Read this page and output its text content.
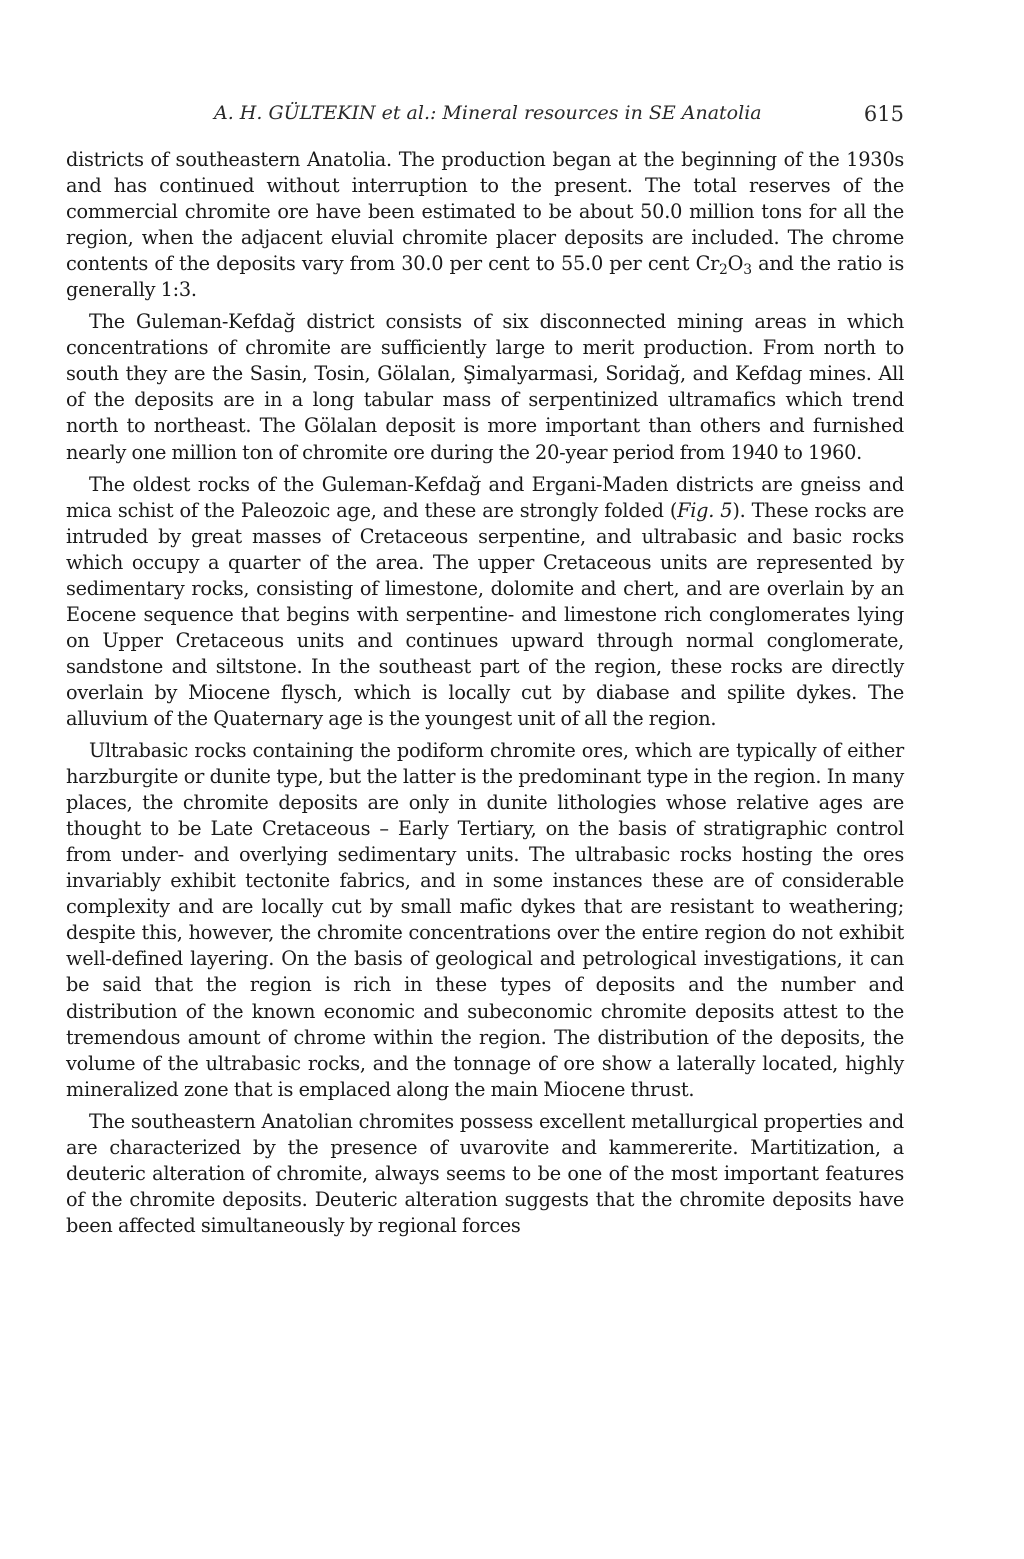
A. H. GÜLTEKIN et al.: Mineral resources in SE Anatolia	615

districts of southeastern Anatolia. The production began at the beginning of the 1930s and has continued without interruption to the present. The total reserves of the commercial chromite ore have been estimated to be about 50.0 million tons for all the region, when the adjacent eluvial chromite placer deposits are included. The chrome contents of the deposits vary from 30.0 per cent to 55.0 per cent $Cr_2O_3$ and the ratio is generally 1:3.

The Guleman-Kefdağ district consists of six disconnected mining areas in which concentrations of chromite are sufficiently large to merit production. From north to south they are the Sasin, Tosin, Gölalan, Şimalyarmasi, Soridağ, and Kefdag mines. All of the deposits are in a long tabular mass of serpentinized ultramafics which trend north to northeast. The Gölalan deposit is more important than others and furnished nearly one million ton of chromite ore during the 20-year period from 1940 to 1960.

The oldest rocks of the Guleman-Kefdağ and Ergani-Maden districts are gneiss and mica schist of the Paleozoic age, and these are strongly folded (Fig. 5). These rocks are intruded by great masses of Cretaceous serpentine, and ultrabasic and basic rocks which occupy a quarter of the area. The upper Cretaceous units are represented by sedimentary rocks, consisting of limestone, dolomite and chert, and are overlain by an Eocene sequence that begins with serpentine- and limestone rich conglomerates lying on Upper Cretaceous units and continues upward through normal conglomerate, sandstone and siltstone. In the southeast part of the region, these rocks are directly overlain by Miocene flysch, which is locally cut by diabase and spilite dykes. The alluvium of the Quaternary age is the youngest unit of all the region.

Ultrabasic rocks containing the podiform chromite ores, which are typically of either harzburgite or dunite type, but the latter is the predominant type in the region. In many places, the chromite deposits are only in dunite lithologies whose relative ages are thought to be Late Cretaceous – Early Tertiary, on the basis of stratigraphic control from under- and overlying sedimentary units. The ultrabasic rocks hosting the ores invariably exhibit tectonite fabrics, and in some instances these are of considerable complexity and are locally cut by small mafic dykes that are resistant to weathering; despite this, however, the chromite concentrations over the entire region do not exhibit well-defined layering. On the basis of geological and petrological investigations, it can be said that the region is rich in these types of deposits and the number and distribution of the known economic and subeconomic chromite deposits attest to the tremendous amount of chrome within the region. The distribution of the deposits, the volume of the ultrabasic rocks, and the tonnage of ore show a laterally located, highly mineralized zone that is emplaced along the main Miocene thrust.

The southeastern Anatolian chromites possess excellent metallurgical properties and are characterized by the presence of uvarovite and kammererite. Martitization, a deuteric alteration of chromite, always seems to be one of the most important features of the chromite deposits. Deuteric alteration suggests that the chromite deposits have been affected simultaneously by regional forces
